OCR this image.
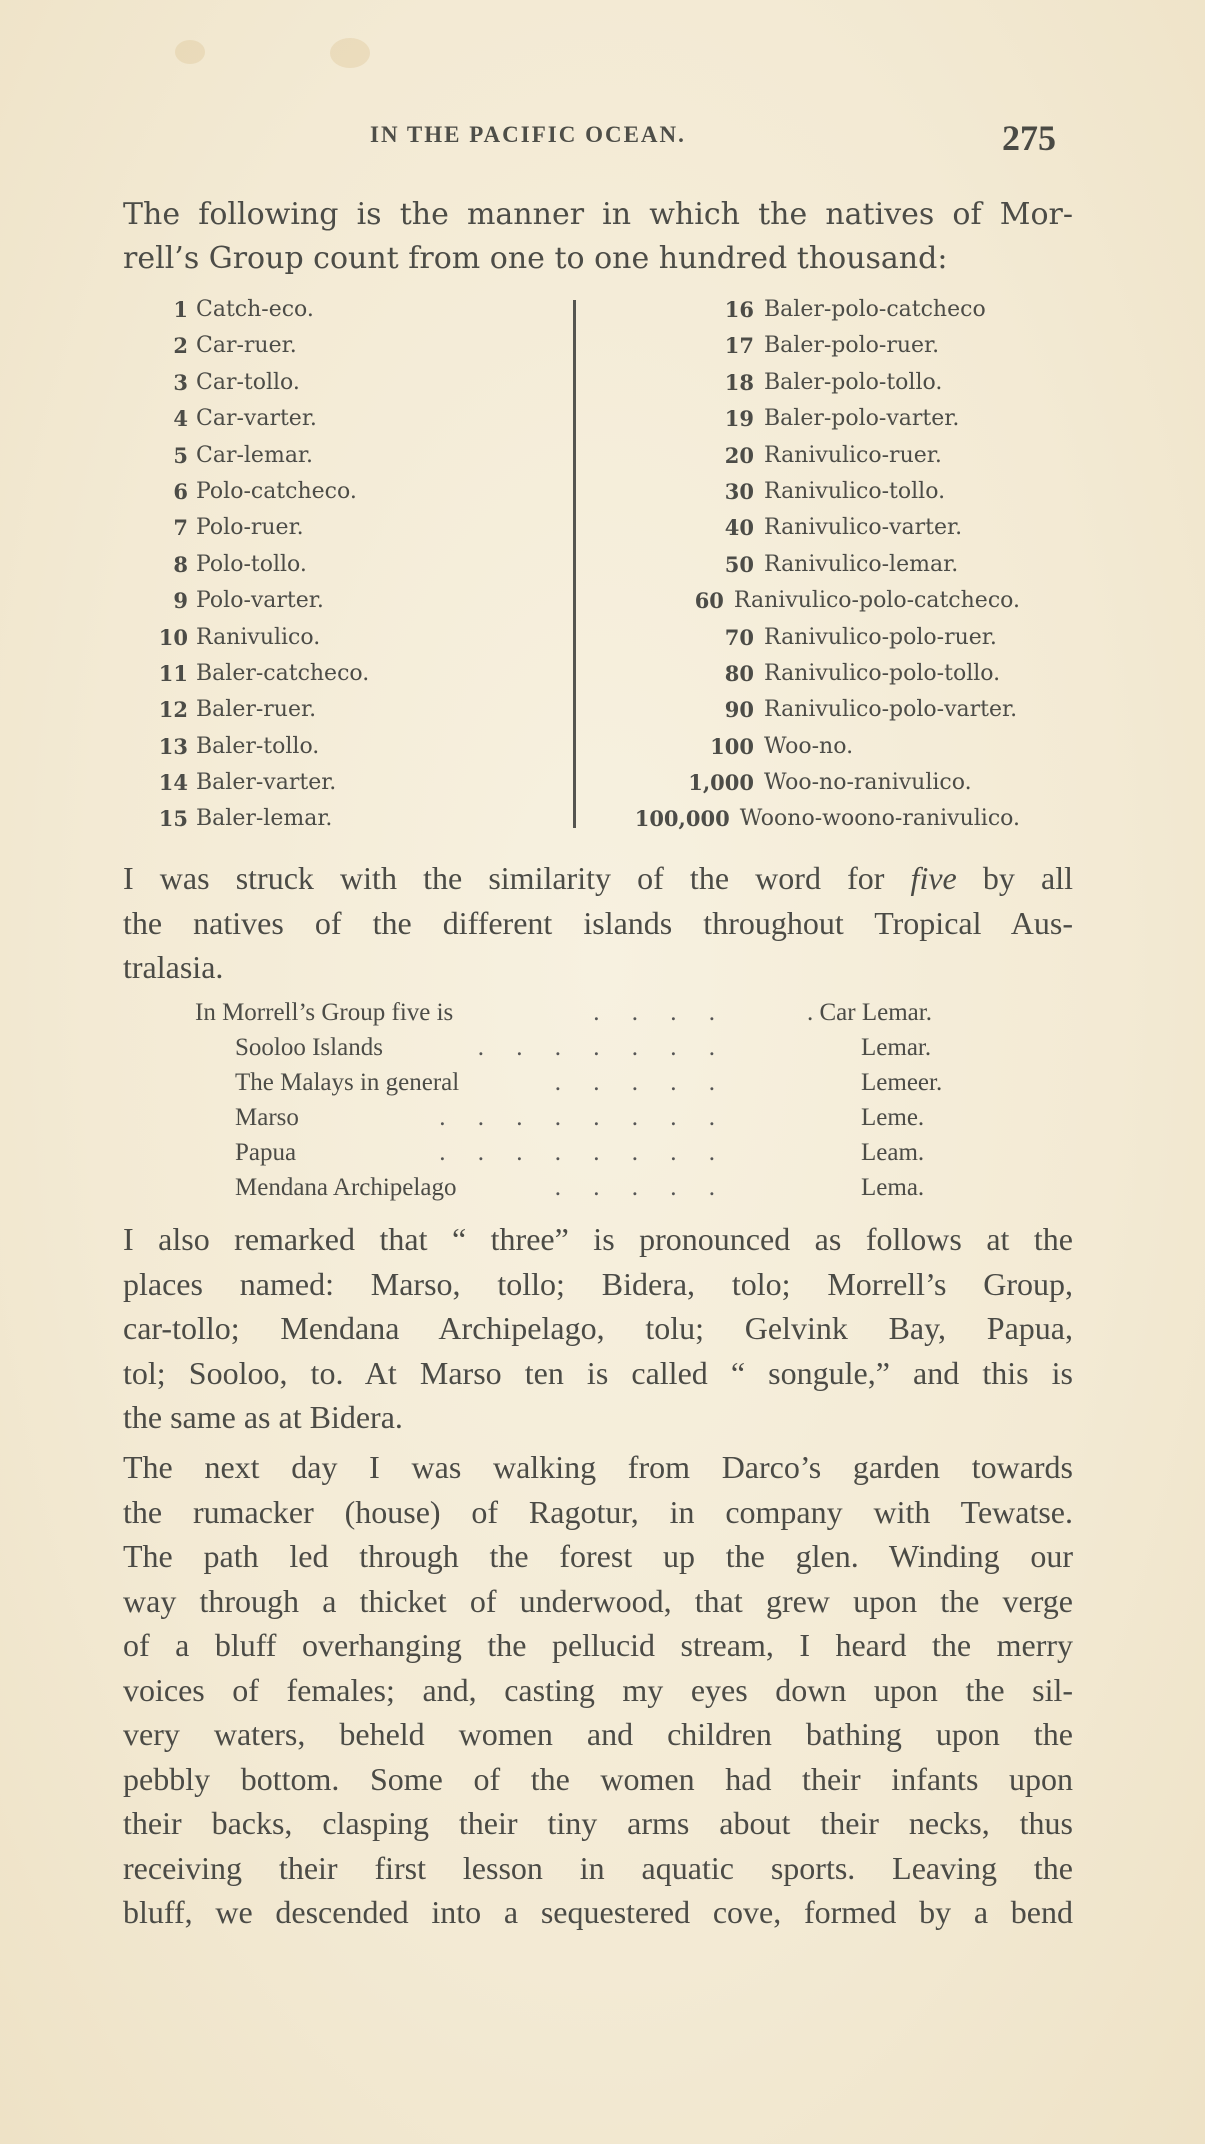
IN THE PACIFIC OCEAN.	275
The following is the manner in which the natives of Mor-
rell’s Group count from one to one hundred thousand:
1 Catch-eco.
2 Car-ruer.
3 Car-tollo.
4 Car-varter.
5 Car-lemar.
6 Polo-catcheco.
7 Polo-ruer.
8 Polo-tollo.
9 Polo-varter.
10 Ranivulico.
11 Baler-catcheco.
12 Baler-ruer.
13 Baler-tollo.
14 Baler-varter.
15 Baler-lemar.
16 Baler-polo-catcheco
17 Baler-polo-ruer.
18 Baler-polo-tollo.
19 Baler-polo-varter.
20 Ranivulico-ruer.
30 Ranivulico-tollo.
40 Ranivulico-varter.
50 Ranivulico-lemar.
60 Ranivulico-polo-catcheco.
70 Ranivulico-polo-ruer.
80 Ranivulico-polo-tollo.
90 Ranivulico-polo-varter.
100 Woo-no.
1,000 Woo-no-ranivulico.
100,000 Woono-woono-ranivulico.
I was struck with the similarity of the word for five by all
the natives of the different islands throughout Tropical Aus-
tralasia.
In Morrell’s Group five is	. . . .	. Car Lemar.
Sooloo Islands	. . . . . . .	Lemar.
The Malays in general	. . . . .	Lemeer.
Marso	. . . . . . . .	Leme.
Papua	. . . . . . . .	Leam.
Mendana Archipelago	. . . . .	Lema.
I also remarked that “ three” is pronounced as follows at the
places named: Marso, tollo; Bidera, tolo; Morrell’s Group,
car-tollo; Mendana Archipelago, tolu; Gelvink Bay, Papua,
tol; Sooloo, to. At Marso ten is called “ songule,” and this is
the same as at Bidera.
The next day I was walking from Darco’s garden towards
the rumacker (house) of Ragotur, in company with Tewatse.
The path led through the forest up the glen. Winding our
way through a thicket of underwood, that grew upon the verge
of a bluff overhanging the pellucid stream, I heard the merry
voices of females; and, casting my eyes down upon the sil-
very waters, beheld women and children bathing upon the
pebbly bottom. Some of the women had their infants upon
their backs, clasping their tiny arms about their necks, thus
receiving their first lesson in aquatic sports. Leaving the
bluff, we descended into a sequestered cove, formed by a bend
